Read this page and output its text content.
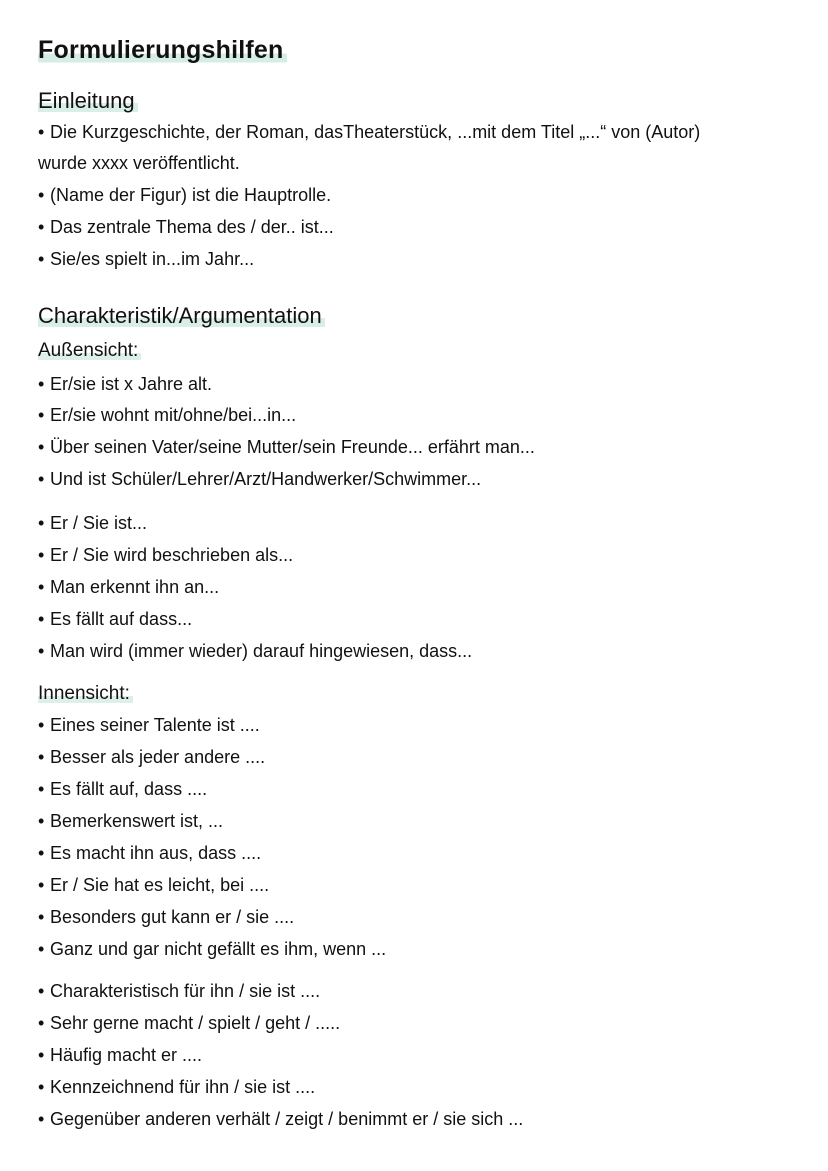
Formulierungshilfen
Einleitung
• Die Kurzgeschichte, der Roman, dasTheaterstück, ...mit dem Titel „...“ von (Autor)
wurde xxxx veröffentlicht.
• (Name der Figur) ist die Hauptrolle.
• Das zentrale Thema des / der.. ist...
• Sie/es spielt in...im Jahr...
Charakteristik/Argumentation
Außensicht:
• Er/sie ist x Jahre alt.
• Er/sie wohnt mit/ohne/bei...in...
• Über seinen Vater/seine Mutter/sein Freunde... erfährt man...
• Und ist Schüler/Lehrer/Arzt/Handwerker/Schwimmer...
• Er / Sie ist...
• Er / Sie wird beschrieben als...
• Man erkennt ihn an...
• Es fällt auf dass...
• Man wird (immer wieder) darauf hingewiesen, dass...
Innensicht:
• Eines seiner Talente ist ....
• Besser als jeder andere ....
• Es fällt auf, dass ....
• Bemerkenswert ist, ...
• Es macht ihn aus, dass ....
• Er / Sie hat es leicht, bei ....
• Besonders gut kann er / sie ....
• Ganz und gar nicht gefällt es ihm, wenn ...
• Charakteristisch für ihn / sie ist ....
• Sehr gerne macht / spielt / geht / .....
• Häufig macht er ....
• Kennzeichnend für ihn / sie ist ....
• Gegenüber anderen verhält / zeigt / benimmt er / sie sich ...
